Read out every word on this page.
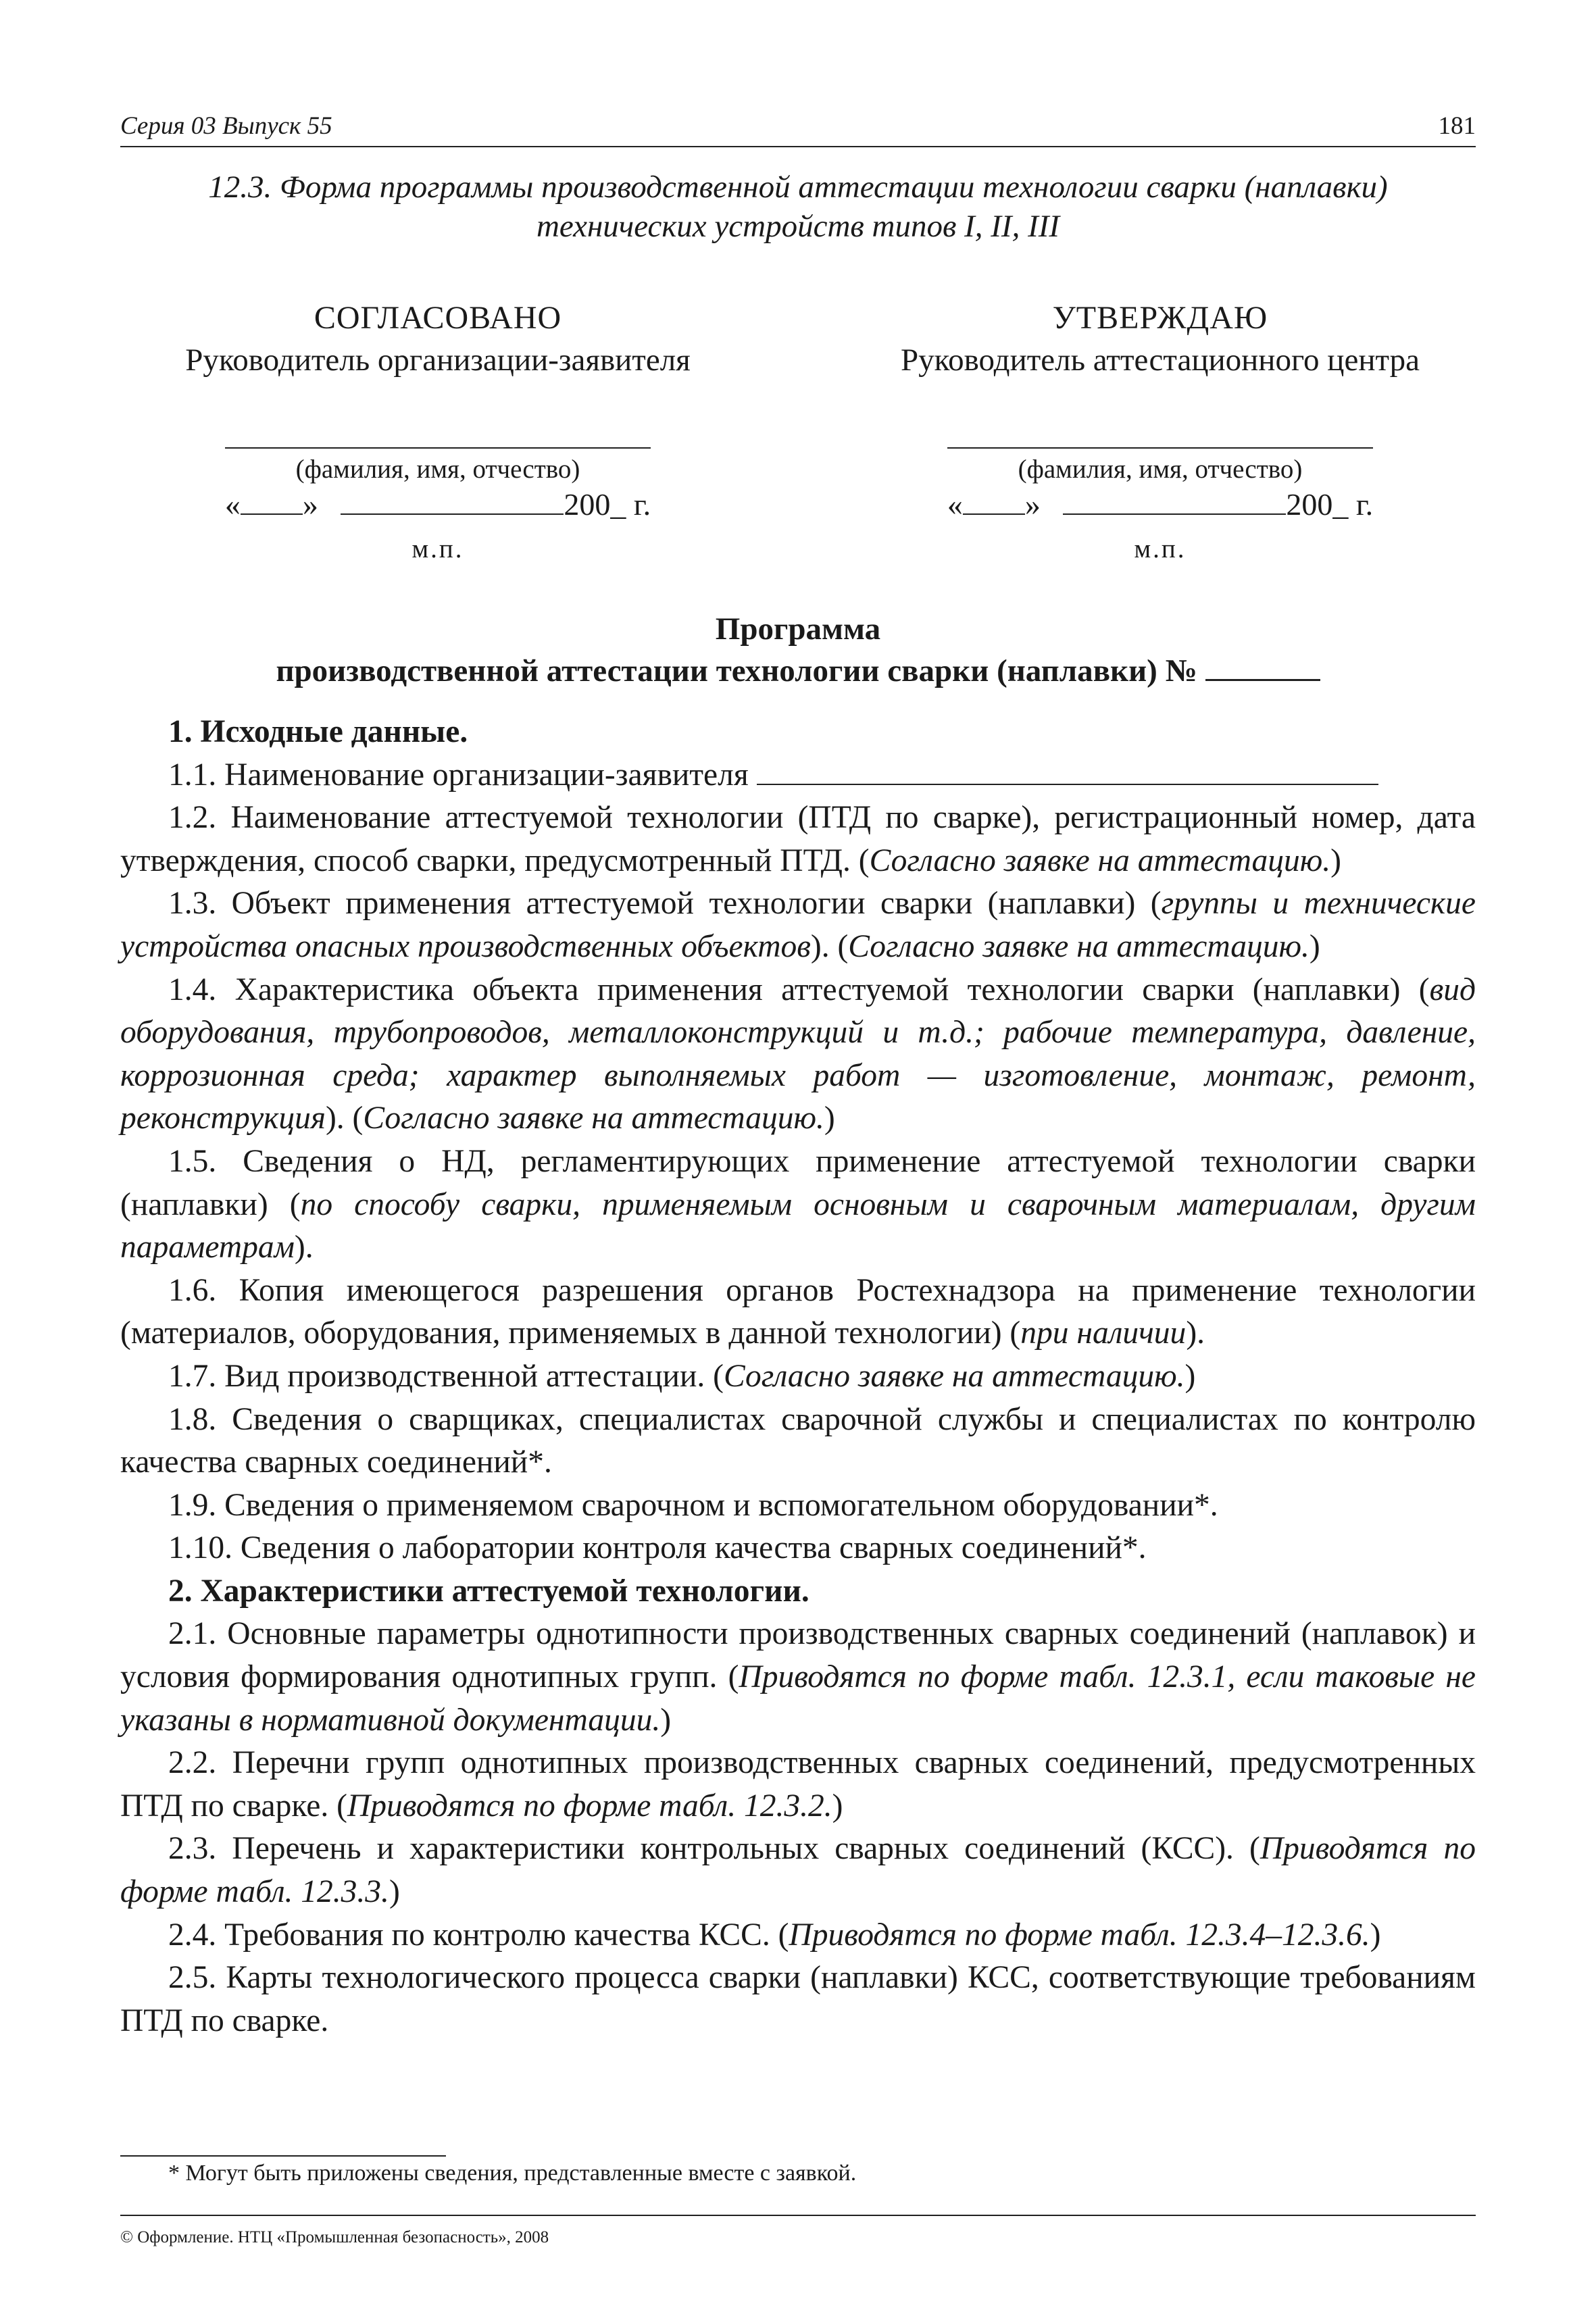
Серия 03 Выпуск 55	181
12.3. Форма программы производственной аттестации технологии сварки (наплавки)
технических устройств типов I, II, III
СОГЛАСОВАНО
Руководитель организации-заявителя
(фамилия, имя, отчество)
« »	200_ г.
м.п.
УТВЕРЖДАЮ
Руководитель аттестационного центра
(фамилия, имя, отчество)
« »	200_ г.
м.п.
Программа
производственной аттестации технологии сварки (наплавки) №

1. Исходные данные.

1.1. Наименование организации-заявителя

1.2. Наименование аттестуемой технологии (ПТД по сварке), регистрационный номер, дата утверждения, способ сварки, предусмотренный ПТД. (Согласно заявке на аттестацию.)

1.3. Объект применения аттестуемой технологии сварки (наплавки) (группы и технические устройства опасных производственных объектов). (Согласно заявке на аттестацию.)

1.4. Характеристика объекта применения аттестуемой технологии сварки (наплавки) (вид оборудования, трубопроводов, металлоконструкций и т.д.; рабочие температура, давление, коррозионная среда; характер выполняемых работ — изготовление, монтаж, ремонт, реконструкция). (Согласно заявке на аттестацию.)

1.5. Сведения о НД, регламентирующих применение аттестуемой технологии сварки (наплавки) (по способу сварки, применяемым основным и сварочным материалам, другим параметрам).

1.6. Копия имеющегося разрешения органов Ростехнадзора на применение технологии (материалов, оборудования, применяемых в данной технологии) (при наличии).

1.7. Вид производственной аттестации. (Согласно заявке на аттестацию.)

1.8. Сведения о сварщиках, специалистах сварочной службы и специалистах по контролю качества сварных соединений*.

1.9. Сведения о применяемом сварочном и вспомогательном оборудовании*.

1.10. Сведения о лаборатории контроля качества сварных соединений*.

2. Характеристики аттестуемой технологии.

2.1. Основные параметры однотипности производственных сварных соединений (наплавок) и условия формирования однотипных групп. (Приводятся по форме табл. 12.3.1, если таковые не указаны в нормативной документации.)

2.2. Перечни групп однотипных производственных сварных соединений, предусмотренных ПТД по сварке. (Приводятся по форме табл. 12.3.2.)

2.3. Перечень и характеристики контрольных сварных соединений (КСС). (Приводятся по форме табл. 12.3.3.)

2.4. Требования по контролю качества КСС. (Приводятся по форме табл. 12.3.4–12.3.6.)

2.5. Карты технологического процесса сварки (наплавки) КСС, соответствующие требованиям ПТД по сварке.

* Могут быть приложены сведения, представленные вместе с заявкой.
© Оформление. НТЦ «Промышленная безопасность», 2008
